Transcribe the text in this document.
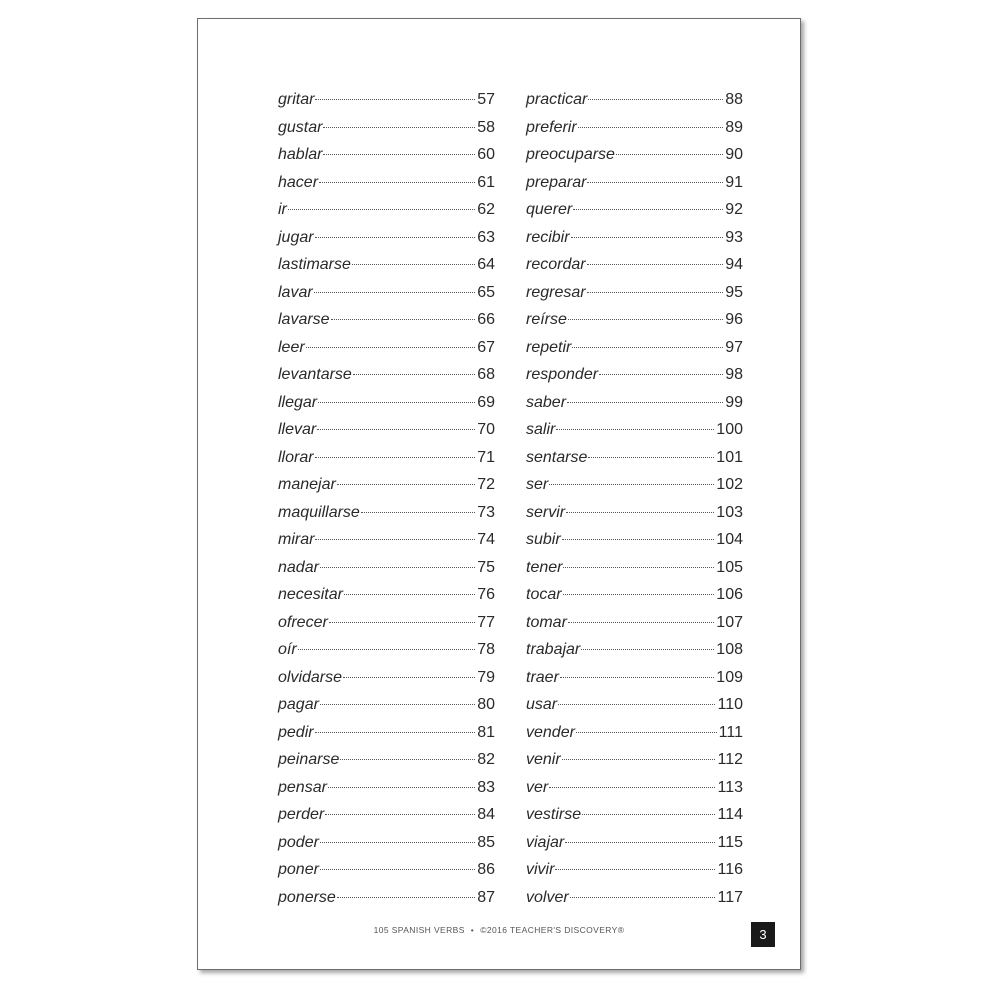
gritar	57
gustar	58
hablar	60
hacer	61
ir	62
jugar	63
lastimarse	64
lavar	65
lavarse	66
leer	67
levantarse	68
llegar	69
llevar	70
llorar	71
manejar	72
maquillarse	73
mirar	74
nadar	75
necesitar	76
ofrecer	77
oír	78
olvidarse	79
pagar	80
pedir	81
peinarse	82
pensar	83
perder	84
poder	85
poner	86
ponerse	87
practicar	88
preferir	89
preocuparse	90
preparar	91
querer	92
recibir	93
recordar	94
regresar	95
reírse	96
repetir	97
responder	98
saber	99
salir	100
sentarse	101
ser	102
servir	103
subir	104
tener	105
tocar	106
tomar	107
trabajar	108
traer	109
usar	110
vender	111
venir	112
ver	113
vestirse	114
viajar	115
vivir	116
volver	117
105 SPANISH VERBS • ©2016 TEACHER'S DISCOVERY®	3
